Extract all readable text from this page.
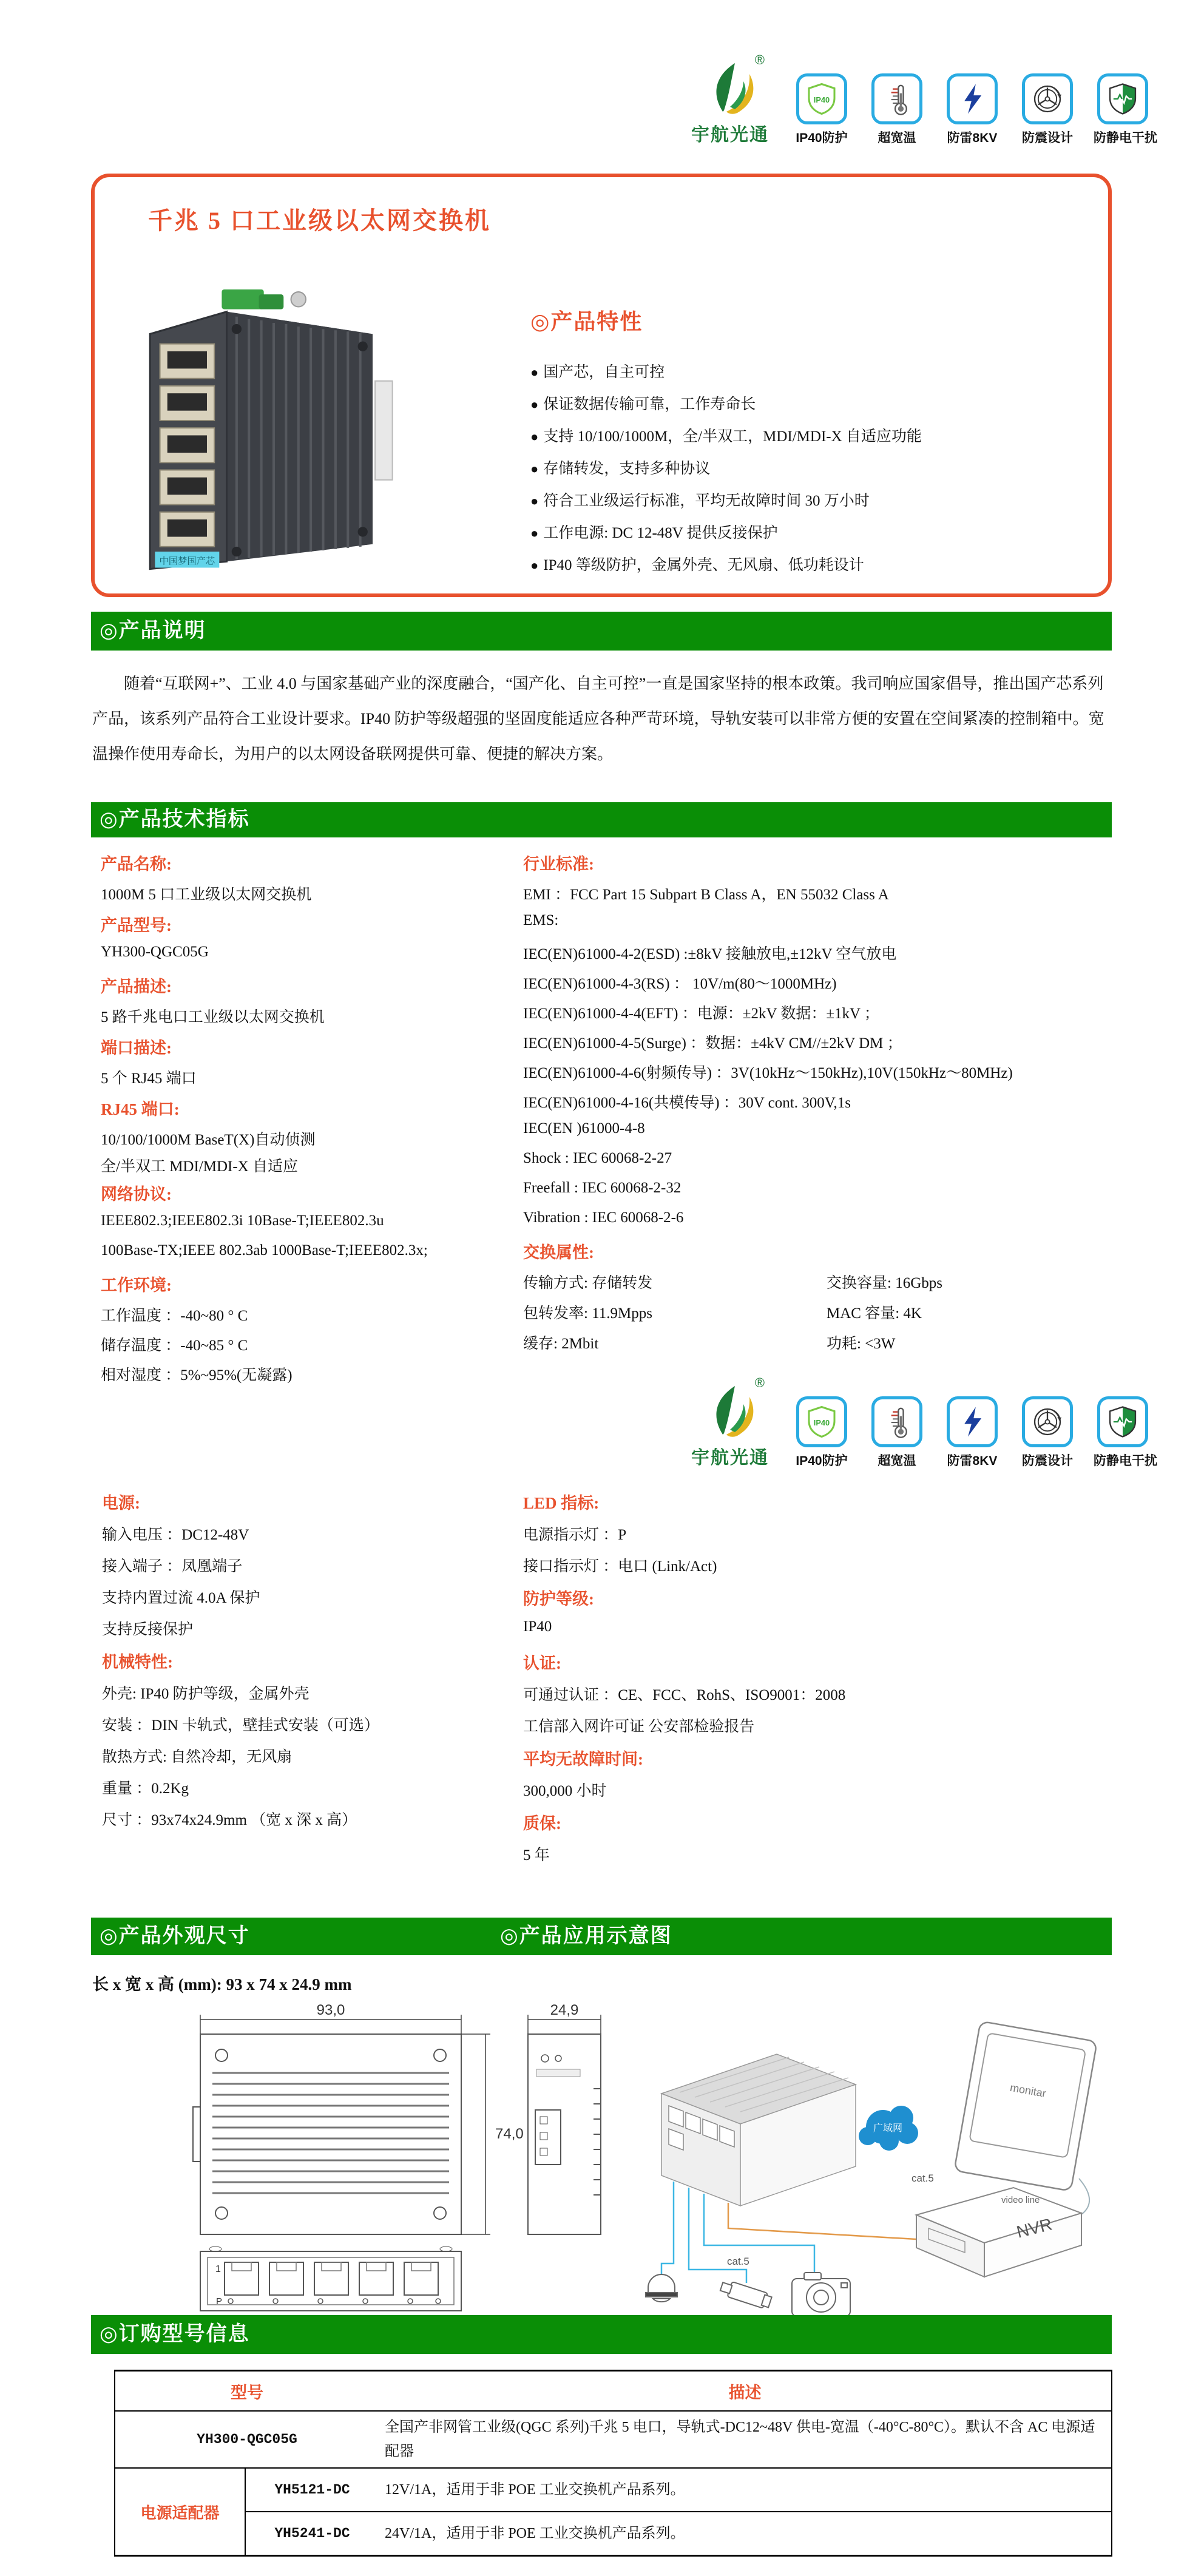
®
宇航光通
IP40
IP40防护	超宽温	防雷8KV	防震设计 防静电干扰
千兆 5 口工业级以太网交换机
中国梦国产芯
◎产品特性
● 国产芯，自主可控
● 保证数据传输可靠，工作寿命长
● 支持 10/100/1000M，全/半双工，MDI/MDI-X 自适应功能
● 存储转发，支持多种协议
● 符合工业级运行标准，平均无故障时间 30 万小时
● 工作电源: DC 12-48V 提供反接保护
● IP40 等级防护，金属外壳、无风扇、低功耗设计
◎产品说明
随着“互联网+”、工业 4.0 与国家基础产业的深度融合，“国产化、自主可控”一直是国家坚持的根本政策。我司响应国家倡导，推出国产芯系列产品，该系列产品符合工业设计要求。IP40 防护等级超强的坚固度能适应各种严苛环境，导轨安装可以非常方便的安置在空间紧凑的控制箱中。宽温操作使用寿命长，为用户的以太网设备联网提供可靠、便捷的解决方案。
◎产品技术指标
产品名称:
1000M 5 口工业级以太网交换机
产品型号:
YH300-QGC05G
产品描述:
5 路千兆电口工业级以太网交换机
端口描述:
5 个 RJ45 端口
RJ45 端口:
10/100/1000M BaseT(X)自动侦测
全/半双工 MDI/MDI-X 自适应
网络协议:
IEEE802.3;IEEE802.3i 10Base-T;IEEE802.3u
100Base-TX;IEEE 802.3ab 1000Base-T;IEEE802.3x;
工作环境:
工作温度 ：-40~80 ° C
储存温度 ：-40~85 ° C
相对湿度 ：5%~95%(无凝露)
行业标准:
EMI ：FCC Part 15 Subpart B Class A，EN 55032 Class A
EMS:
IEC(EN)61000-4-2(ESD) :±8kV 接触放电,±12kV 空气放电
IEC(EN)61000-4-3(RS) ： 10V/m(80～1000MHz)
IEC(EN)61000-4-4(EFT) ：电源：±2kV 数据：±1kV ；
IEC(EN)61000-4-5(Surge) ：数据：±4kV CM//±2kV DM ；
IEC(EN)61000-4-6(射频传导) ：3V(10kHz～150kHz),10V(150kHz～80MHz)
IEC(EN)61000-4-16(共模传导) ：30V cont. 300V,1s
IEC(EN )61000-4-8
Shock : IEC 60068-2-27
Freefall : IEC 60068-2-32
Vibration : IEC 60068-2-6
交换属性:
传输方式: 存储转发	交换容量: 16Gbps
包转发率: 11.9Mpps	MAC 容量: 4K
缓存: 2Mbit	功耗: <3W
®
宇航光通
IP40
IP40防护	超宽温	防雷8KV	防震设计 防静电干扰
电源:
输入电压 ：DC12-48V
接入端子 ：凤凰端子
支持内置过流 4.0A 保护
支持反接保护
机械特性:
外壳: IP40 防护等级，金属外壳
安装 ：DIN 卡轨式，壁挂式安装（可选）
散热方式: 自然冷却，无风扇
重量 ：0.2Kg
尺寸 ：93x74x24.9mm （宽 x 深 x 高）
LED 指标:
电源指示灯 ：P
接口指示灯 ：电口 (Link/Act)
防护等级:
IP40
认证:
可通过认证 ：CE、FCC、RohS、ISO9001：2008
工信部入网许可证 公安部检验报告
平均无故障时间:
300,000 小时
质保:
5 年
◎产品外观尺寸	◎产品应用示意图
长 x 宽 x 高 (mm): 93 x 74 x 24.9 mm
93,0
74,0
24,9
1
P
广域网
monitar
video line
NVR
cat.5
cat.5
◎订购型号信息
型号		描述
YH300-QGC05G		全国产非网管工业级(QGC 系列)千兆 5 电口，导轨式-DC12~48V 供电-宽温（-40°C-80°C）。默认不含 AC 电源适配器
电源适配器	YH5121-DC	12V/1A，适用于非 POE 工业交换机产品系列。
	YH5241-DC	24V/1A，适用于非 POE 工业交换机产品系列。
